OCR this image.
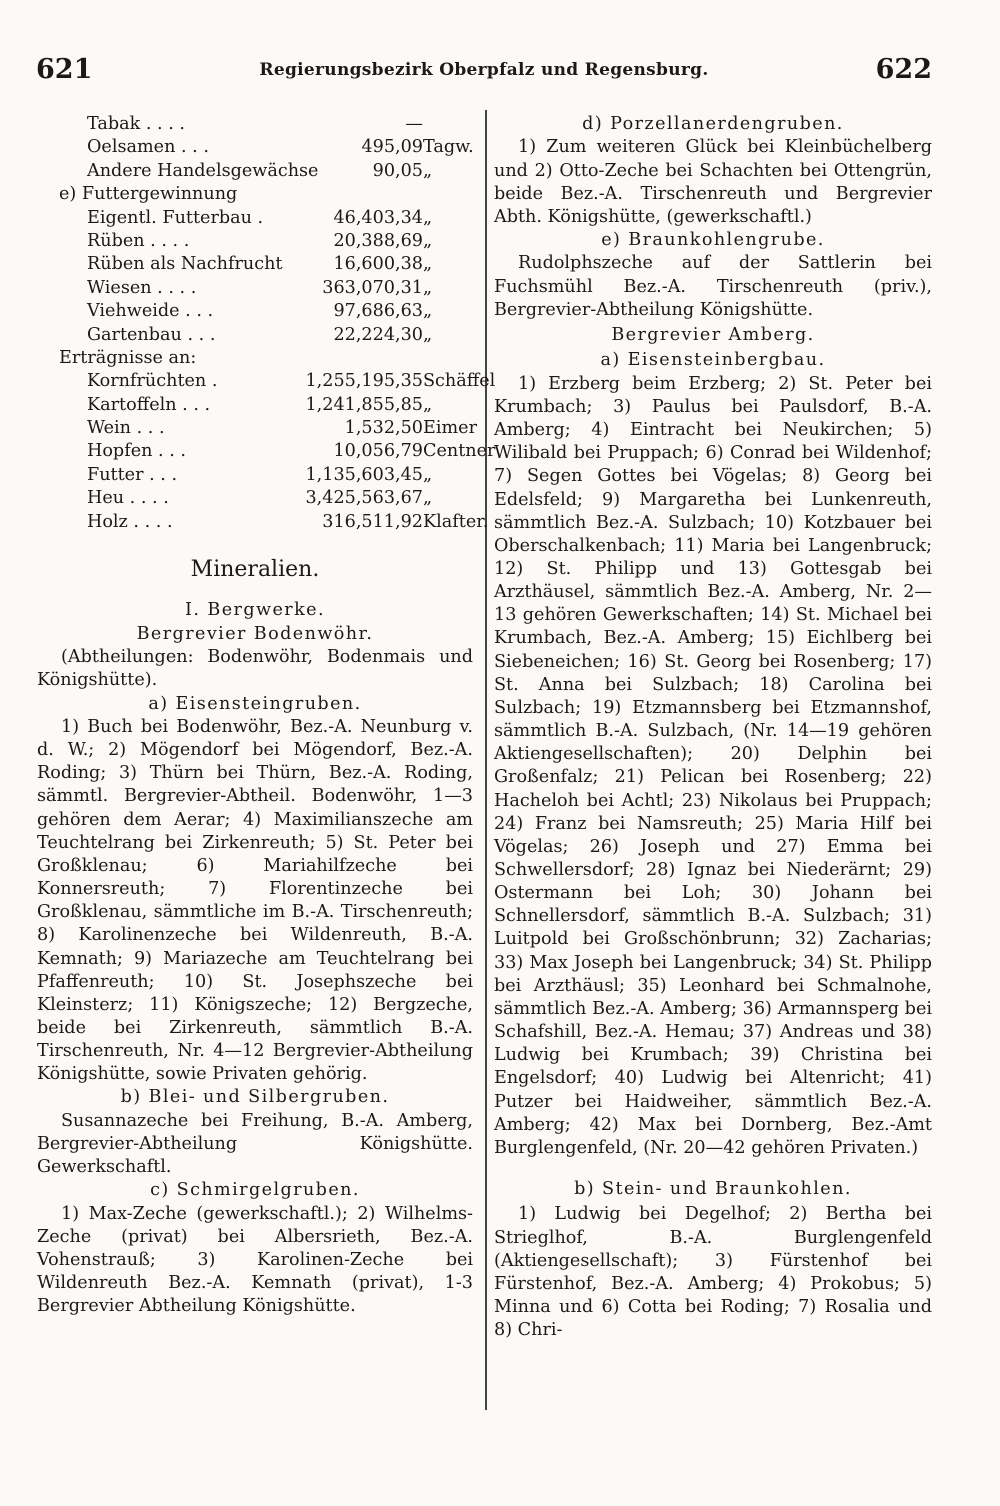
621	Regierungsbezirk Oberpfalz und Regensburg.	622
Tabak . . . .	—
Oelsamen . . .	495,09 Tagw.
Andere Handelsgewächse	90,05 „
e) Futtergewinnung
Eigentl. Futterbau .	46,403,34 „
Rüben . . . .	20,388,69 „
Rüben als Nachfrucht	16,600,38 „
Wiesen . . . .	363,070,31 „
Viehweide . . .	97,686,63 „
Gartenbau . . .	22,224,30 „
Erträgnisse an:
Kornfrüchten .	1,255,195,35 Schäffel
Kartoffeln . . .	1,241,855,85 „
Wein . . .	1,532,50 Eimer
Hopfen . . .	10,056,79 Centner
Futter . . .	1,135,603,45 „
Heu . . . .	3,425,563,67 „
Holz . . . .	316,511,92 Klafter.
Mineralien.
I. Bergwerke.
Bergrevier Bodenwöhr.

(Abtheilungen: Bodenwöhr, Bodenmais und Königshütte).

a) Eisensteingruben.

1) Buch bei Bodenwöhr, Bez.-A. Neunburg v. d. W.; 2) Mögendorf bei Mögendorf, Bez.-A. Roding; 3) Thürn bei Thürn, Bez.-A. Roding, sämmtl. Bergrevier-Abtheil. Bodenwöhr, 1—3 gehören dem Aerar; 4) Maximilianszeche am Teuchtelrang bei Zirkenreuth; 5) St. Peter bei Großklenau; 6) Mariahilfzeche bei Konnersreuth; 7) Florentinzeche bei Großklenau, sämmtliche im B.-A. Tirschenreuth; 8) Karolinenzeche bei Wildenreuth, B.-A. Kemnath; 9) Mariazeche am Teuchtelrang bei Pfaffenreuth; 10) St. Josephszeche bei Kleinsterz; 11) Königszeche; 12) Bergzeche, beide bei Zirkenreuth, sämmtlich B.-A. Tirschenreuth, Nr. 4—12 Bergrevier-Abtheilung Königshütte, sowie Privaten gehörig.

b) Blei- und Silbergruben.

Susannazeche bei Freihung, B.-A. Amberg, Bergrevier-Abtheilung Königshütte. Gewerkschaftl.

c) Schmirgelgruben.

1) Max-Zeche (gewerkschaftl.); 2) Wilhelms-Zeche (privat) bei Albersrieth, Bez.-A. Vohenstrauß; 3) Karolinen-Zeche bei Wildenreuth Bez.-A. Kemnath (privat), 1-3 Bergrevier Abtheilung Königshütte.

d) Porzellanerdengruben.

1) Zum weiteren Glück bei Kleinbüchelberg und 2) Otto-Zeche bei Schachten bei Ottengrün, beide Bez.-A. Tirschenreuth und Bergrevier Abth. Königshütte, (gewerkschaftl.)

e) Braunkohlengrube.

Rudolphszeche auf der Sattlerin bei Fuchsmühl Bez.-A. Tirschenreuth (priv.), Bergrevier-Abtheilung Königshütte.

Bergrevier Amberg.
a) Eisensteinbergbau.

1) Erzberg beim Erzberg; 2) St. Peter bei Krumbach; 3) Paulus bei Paulsdorf, B.-A. Amberg; 4) Eintracht bei Neukirchen; 5) Wilibald bei Pruppach; 6) Conrad bei Wildenhof; 7) Segen Gottes bei Vögelas; 8) Georg bei Edelsfeld; 9) Margaretha bei Lunkenreuth, sämmtlich Bez.-A. Sulzbach; 10) Kotzbauer bei Oberschalkenbach; 11) Maria bei Langenbruck; 12) St. Philipp und 13) Gottesgab bei Arzthäusel, sämmtlich Bez.-A. Amberg, Nr. 2—13 gehören Gewerkschaften; 14) St. Michael bei Krumbach, Bez.-A. Amberg; 15) Eichlberg bei Siebeneichen; 16) St. Georg bei Rosenberg; 17) St. Anna bei Sulzbach; 18) Carolina bei Sulzbach; 19) Etzmannsberg bei Etzmannshof, sämmtlich B.-A. Sulzbach, (Nr. 14—19 gehören Aktiengesellschaften); 20) Delphin bei Großenfalz; 21) Pelican bei Rosenberg; 22) Hacheloh bei Achtl; 23) Nikolaus bei Pruppach; 24) Franz bei Namsreuth; 25) Maria Hilf bei Vögelas; 26) Joseph und 27) Emma bei Schwellersdorf; 28) Ignaz bei Niederärnt; 29) Ostermann bei Loh; 30) Johann bei Schnellersdorf, sämmtlich B.-A. Sulzbach; 31) Luitpold bei Großschönbrunn; 32) Zacharias; 33) Max Joseph bei Langenbruck; 34) St. Philipp bei Arzthäusl; 35) Leonhard bei Schmalnohe, sämmtlich Bez.-A. Amberg; 36) Armannsperg bei Schafshill, Bez.-A. Hemau; 37) Andreas und 38) Ludwig bei Krumbach; 39) Christina bei Engelsdorf; 40) Ludwig bei Altenricht; 41) Putzer bei Haidweiher, sämmtlich Bez.-A. Amberg; 42) Max bei Dornberg, Bez.-Amt Burglengenfeld, (Nr. 20—42 gehören Privaten.)

b) Stein- und Braunkohlen.

1) Ludwig bei Degelhof; 2) Bertha bei Strieglhof, B.-A. Burglengenfeld (Aktiengesellschaft); 3) Fürstenhof bei Fürstenhof, Bez.-A. Amberg; 4) Prokobus; 5) Minna und 6) Cotta bei Roding; 7) Rosalia und 8) Chri-
